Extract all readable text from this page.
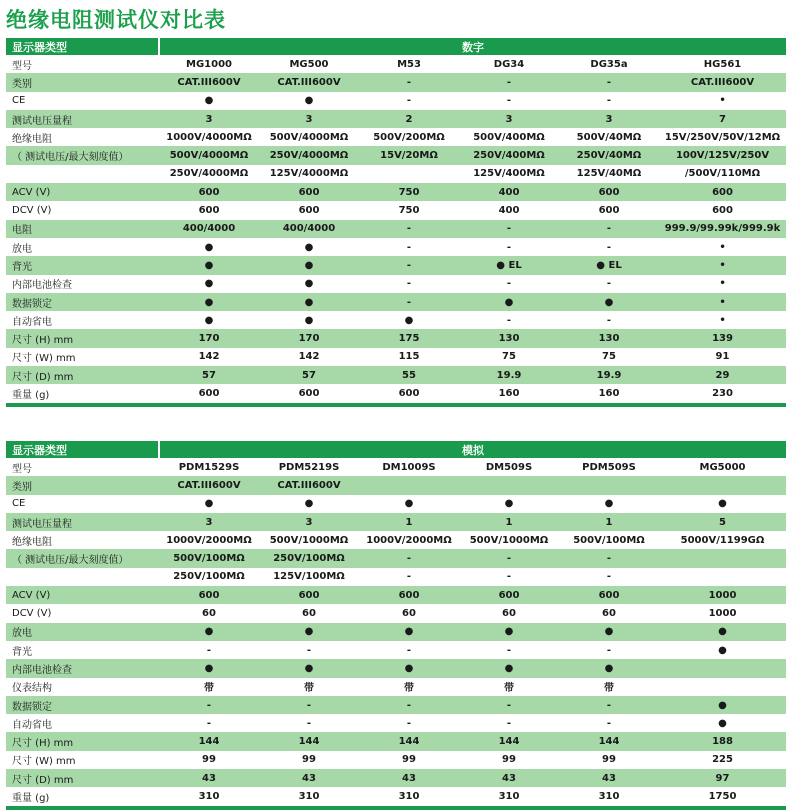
绝缘电阻测试仪对比表
显示器类型	数字					
型号	MG1000	MG500	M53	DG34	DG35a	HG561
类别	CAT.III600V	CAT.III600V	-	-	-	CAT.III600V
CE	●	●	-	-	-	•
测试电压量程	3	3	2	3	3	7
绝缘电阻	1000V/4000MΩ	500V/4000MΩ	500V/200MΩ	500V/400MΩ	500V/40MΩ	15V/250V/50V/12MΩ
（ 测试电压/最大刻度值）	500V/4000MΩ	250V/4000MΩ	15V/20MΩ	250V/400MΩ	250V/40MΩ	100V/125V/250V
	250V/4000MΩ	125V/4000MΩ		125V/400MΩ	125V/40MΩ	/500V/110MΩ
ACV (V)	600	600	750	400	600	600
DCV (V)	600	600	750	400	600	600
电阻	400/4000	400/4000	-	-	-	999.9/99.99k/999.9k
放电	●	●	-	-	-	•
背光	●	●	-	● EL	● EL	•
内部电池检查	●	●	-	-	-	•
数据锁定	●	●	-	●	●	•
自动省电	●	●	●	-	-	•
尺寸 (H) mm	170	170	175	130	130	139
尺寸 (W) mm	142	142	115	75	75	91
尺寸 (D) mm	57	57	55	19.9	19.9	29
重量 (g)	600	600	600	160	160	230
显示器类型	模拟					
型号	PDM1529S	PDM5219S	DM1009S	DM509S	PDM509S	MG5000
类别	CAT.III600V	CAT.III600V				
CE	●	●	●	●	●	●
测试电压量程	3	3	1	1	1	5
绝缘电阻	1000V/2000MΩ	500V/1000MΩ	1000V/2000MΩ	500V/1000MΩ	500V/100MΩ	5000V/1199GΩ
（ 测试电压/最大刻度值）	500V/100MΩ	250V/100MΩ	-	-	-	
	250V/100MΩ	125V/100MΩ	-	-	-	
ACV (V)	600	600	600	600	600	1000
DCV (V)	60	60	60	60	60	1000
放电	●	●	●	●	●	●
背光	-	-	-	-	-	●
内部电池检查	●	●	●	●	●	
仪表结构	带	带	带	带	带	
数据锁定	-	-	-	-	-	●
自动省电	-	-	-	-	-	●
尺寸 (H) mm	144	144	144	144	144	188
尺寸 (W) mm	99	99	99	99	99	225
尺寸 (D) mm	43	43	43	43	43	97
重量 (g)	310	310	310	310	310	1750
